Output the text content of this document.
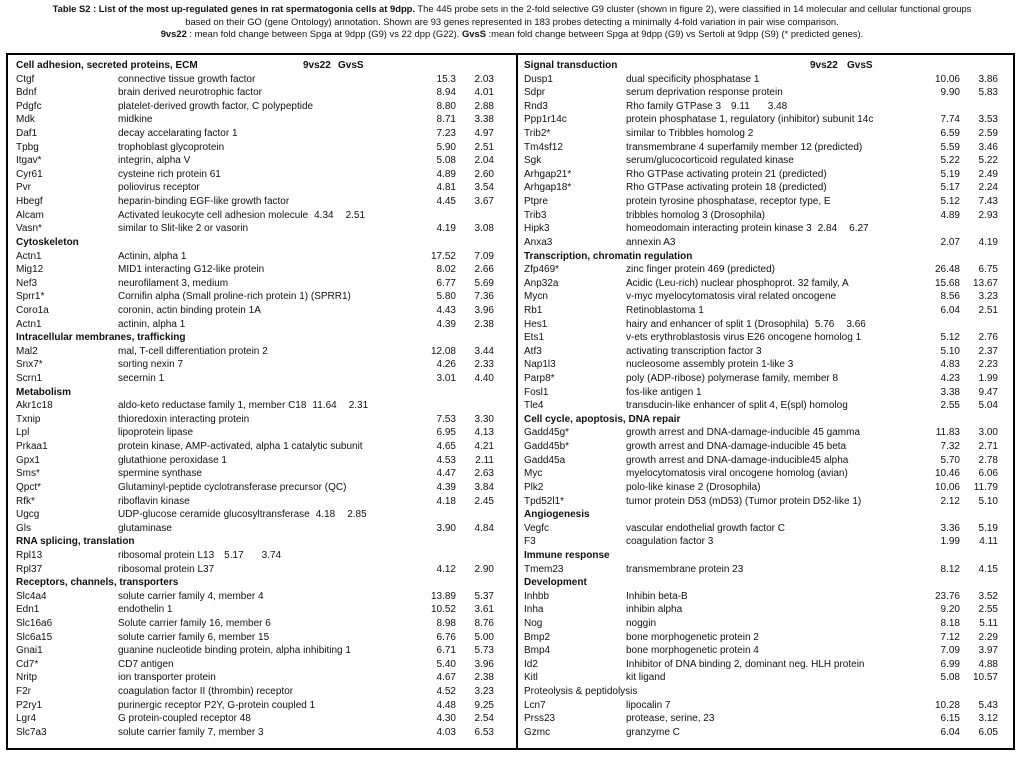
Table S2 : List of the most up-regulated genes in rat spermatogonia cells at 9dpp. The 445 probe sets in the 2-fold selective G9 cluster (shown in figure 2), were classified in 14 molecular and cellular functional groups
based on their GO (gene Ontology) annotation. Shown are 93 genes represented in 183 probes detecting a minimally 4-fold variation in pair wise comparison.
9vs22 : mean fold change between Spga at 9dpp (G9) vs 22 dpp (G22). GvsS :mean fold change between Spga at 9dpp (G9) vs Sertoli at 9dpp (S9) (* predicted genes).
Cell adhesion, secreted proteins, ECM	9vs22 GvsS
Ctgf	connective tissue growth factor	15.3 2.03
Bdnf	brain derived neurotrophic factor	8.94 4.01
Pdgfc	platelet-derived growth factor, C polypeptide	8.80 2.88
Mdk	midkine	8.71 3.38
Daf1	decay accelarating factor 1	7.23 4.97
Tpbg	trophoblast glycoprotein	5.90 2.51
Itgav*	integrin, alpha V	5.08 2.04
Cyr61	cysteine rich protein 61	4.89 2.60
Pvr	poliovirus receptor	4.81 3.54
Hbegf	heparin-binding EGF-like growth factor	4.45 3.67
Alcam	Activated leukocyte cell adhesion molecule 4.34 2.51
Vasn*	similar to Slit-like 2 or vasorin	4.19 3.08
Cytoskeleton
Actn1	Actinin, alpha 1	17.52 7.09
Mig12	MID1 interacting G12-like protein	8.02 2.66
Nef3	neurofilament 3, medium	6.77 5.69
Sprr1*	Cornifin alpha (Small proline-rich protein 1) (SPRR1)	5.80 7.36
Coro1a	coronin, actin binding protein 1A	4.43 3.96
Actn1	actinin, alpha 1	4.39 2.38
Intracellular membranes, trafficking
Mal2	mal, T-cell differentiation protein 2	12.08 3.44
Snx7*	sorting nexin 7	4.26 2.33
Scrn1	secernin 1	3.01 4.40
Metabolism
Akr1c18	aldo-keto reductase family 1, member C18 11.64 2.31
Txnip	thioredoxin interacting protein	7.53 3.30
Lpl	lipoprotein lipase	6.95 4.13
Prkaa1	protein kinase, AMP-activated, alpha 1 catalytic subunit	4.65 4.21
Gpx1	glutathione peroxidase 1	4.53 2.11
Sms*	spermine synthase	4.47 2.63
Qpct*	Glutaminyl-peptide cyclotransferase precursor (QC)	4.39 3.84
Rfk*	riboflavin kinase	4.18 2.45
Ugcg	UDP-glucose ceramide glucosyltransferase 4.18 2.85
Gls	glutaminase	3.90 4.84
RNA splicing, translation
Rpl13	ribosomal protein L13 5.17 3.74
Rpl37	ribosomal protein L37	4.12 2.90
Receptors, channels, transporters
Slc4a4	solute carrier family 4, member 4	13.89 5.37
Edn1	endothelin 1	10.52 3.61
Slc16a6	Solute carrier family 16, member 6	8.98 8.76
Slc6a15	solute carrier family 6, member 15	6.76 5.00
Gnai1	guanine nucleotide binding protein, alpha inhibiting 1	6.71 5.73
Cd7*	CD7 antigen	5.40 3.96
Nritp	ion transporter protein	4.67 2.38
F2r	coagulation factor II (thrombin) receptor	4.52 3.23
P2ry1	purinergic receptor P2Y, G-protein coupled 1	4.48 9.25
Lgr4	G protein-coupled receptor 48	4.30 2.54
Slc7a3	solute carrier family 7, member 3	4.03 6.53
Signal transduction	9vs22 GvsS
Dusp1	dual specificity phosphatase 1	10.06 3.86
Sdpr	serum deprivation response protein	9.90 5.83
Rnd3	Rho family GTPase 3 9.11 3.48
Ppp1r14c	protein phosphatase 1, regulatory (inhibitor) subunit 14c	7.74 3.53
Trib2*	similar to Tribbles homolog 2	6.59 2.59
Tm4sf12	transmembrane 4 superfamily member 12 (predicted)	5.59 3.46
Sgk	serum/glucocorticoid regulated kinase	5.22 5.22
Arhgap21*	Rho GTPase activating protein 21 (predicted)	5.19 2.49
Arhgap18*	Rho GTPase activating protein 18 (predicted)	5.17 2.24
Ptpre	protein tyrosine phosphatase, receptor type, E	5.12 7.43
Trib3	tribbles homolog 3 (Drosophila)	4.89 2.93
Hipk3	homeodomain interacting protein kinase 3 2.84 6.27
Anxa3	annexin A3	2.07 4.19
Transcription, chromatin regulation
Zfp469*	zinc finger protein 469 (predicted)	26.48 6.75
Anp32a	Acidic (Leu-rich) nuclear phosphoprot. 32 family, A	15.68 13.67
Mycn	v-myc myelocytomatosis viral related oncogene	8.56 3.23
Rb1	Retinoblastoma 1	6.04 2.51
Hes1	hairy and enhancer of split 1 (Drosophila) 5.76 3.66
Ets1	v-ets erythroblastosis virus E26 oncogene homolog 1	5.12 2.76
Atf3	activating transcription factor 3	5.10 2.37
Nap1l3	nucleosome assembly protein 1-like 3	4.83 2.23
Parp8*	poly (ADP-ribose) polymerase family, member 8	4.23 1.99
Fosl1	fos-like antigen 1	3.38 9.47
Tle4	transducin-like enhancer of split 4, E(spl) homolog	2.55 5.04
Cell cycle, apoptosis, DNA repair
Gadd45g*	growth arrest and DNA-damage-inducible 45 gamma	11.83 3.00
Gadd45b*	growth arrest and DNA-damage-inducible 45 beta	7.32 2.71
Gadd45a	growth arrest and DNA-damage-inducible45 alpha	5.70 2.78
Myc	myelocytomatosis viral oncogene homolog (avian)	10.46 6.06
Plk2	polo-like kinase 2 (Drosophila)	10.06 11.79
Tpd52l1*	tumor protein D53 (mD53) (Tumor protein D52-like 1)	2.12 5.10
Angiogenesis
Vegfc	vascular endothelial growth factor C	3.36 5.19
F3	coagulation factor 3	1.99 4.11
Immune response
Tmem23	transmembrane protein 23	8.12 4.15
Development
Inhbb	Inhibin beta-B	23.76 3.52
Inha	inhibin alpha	9.20 2.55
Nog	noggin	8.18 5.11
Bmp2	bone morphogenetic protein 2	7.12 2.29
Bmp4	bone morphogenetic protein 4	7.09 3.97
Id2	Inhibitor of DNA binding 2, dominant neg. HLH protein	6.99 4.88
Kitl	kit ligand	5.08 10.57
Proteolysis & peptidolysis
Lcn7	lipocalin 7	10.28 5.43
Prss23	protease, serine, 23	6.15 3.12
Gzmc	granzyme C	6.04 6.05
